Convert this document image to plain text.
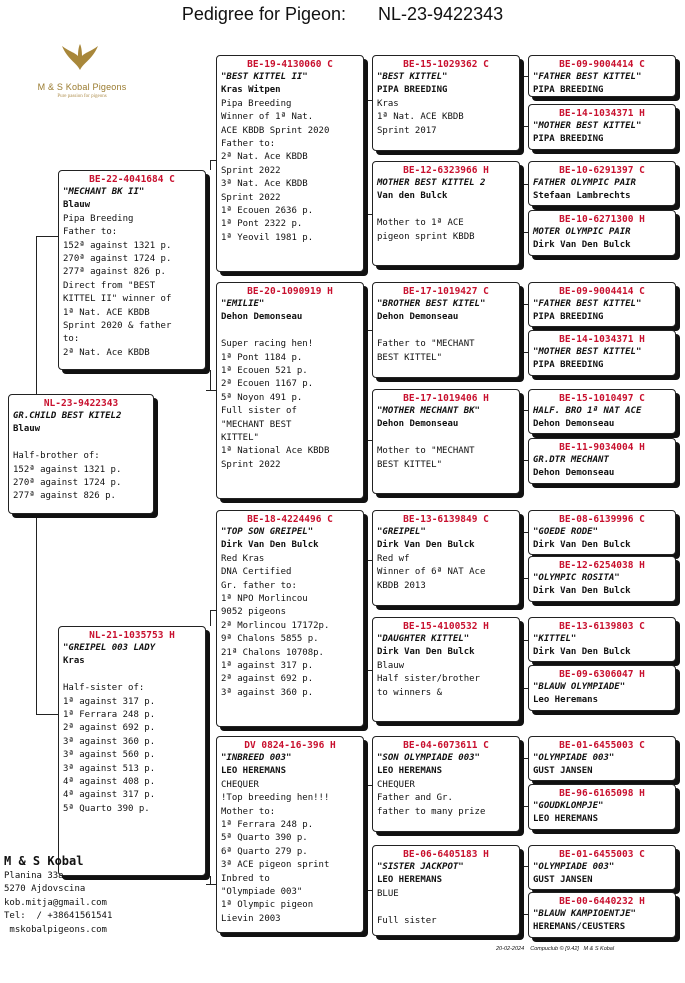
Pedigree for Pigeon: NL-23-9422343
M & S Kobal Pigeons
Pure passion for pigeons
NL-23-9422343
GR.CHILD BEST KITEL2
Blauw

Half-brother of:
152ª against 1321 p.
270ª against 1724 p.
277ª against 826 p.
BE-22-4041684 C
"MECHANT BK II"
Blauw
Pipa Breeding
Father to:
152ª against 1321 p.
270ª against 1724 p.
277ª against 826 p.
Direct from "BEST
KITTEL II" winner of
1ª Nat. ACE KBDB
Sprint 2020 & father
to:
2ª Nat. Ace KBDB
NL-21-1035753 H
"GREIPEL 003 LADY
Kras

Half-sister of:
1ª against 317 p.
1ª Ferrara 248 p.
2ª against 692 p.
3ª against 360 p.
3ª against 560 p.
3ª against 513 p.
4ª against 408 p.
4ª against 317 p.
5ª Quarto 390 p.
BE-19-4130060 C
"BEST KITTEL II"
Kras Witpen
Pipa Breeding
Winner of 1ª Nat.
ACE KBDB Sprint 2020
Father to:
2ª Nat. Ace KBDB
Sprint 2022
3ª Nat. Ace KBDB
Sprint 2022
1ª Ecouen 2636 p.
1ª Pont 2322 p.
1ª Yeovil 1981 p.
BE-20-1090919 H
"EMILIE"
Dehon Demonseau

Super racing hen!
1ª Pont 1184 p.
1ª Ecouen 521 p.
2ª Ecouen 1167 p.
5ª Noyon 491 p.
Full sister of
"MECHANT BEST
KITTEL"
1ª National Ace KBDB
Sprint 2022
BE-18-4224496 C
"TOP SON GREIPEL"
Dirk Van Den Bulck
Red Kras
DNA Certified
Gr. father to:
1ª NPO Morlincou
9052 pigeons
2ª Morlincou 17172p.
9ª Chalons 5855 p.
21ª Chalons 10708p.
1ª against 317 p.
2ª against 692 p.
3ª against 360 p.
DV 0824-16-396 H
"INBREED 003"
LEO HEREMANS
CHEQUER
!Top breeding hen!!!
Mother to:
1ª Ferrara 248 p.
5ª Quarto 390 p.
6ª Quarto 279 p.
3ª ACE pigeon sprint
Inbred to
"Olympiade 003"
1ª Olympic pigeon
Lievin 2003
BE-15-1029362 C
"BEST KITTEL"
PIPA BREEDING
Kras
1ª Nat. ACE KBDB
Sprint 2017
BE-12-6323966 H
MOTHER BEST KITTEL 2
Van den Bulck

Mother to 1ª ACE
pigeon sprint KBDB
BE-17-1019427 C
"BROTHER BEST KITEL"
Dehon Demonseau

Father to "MECHANT
BEST KITTEL"
BE-17-1019406 H
"MOTHER MECHANT BK"
Dehon Demonseau

Mother to "MECHANT
BEST KITTEL"
BE-13-6139849 C
"GREIPEL"
Dirk Van Den Bulck
Red wf
Winner of 6ª NAT Ace
KBDB 2013
BE-15-4100532 H
"DAUGHTER KITTEL"
Dirk Van Den Bulck
Blauw
Half sister/brother
to winners &
BE-04-6073611 C
"SON OLYMPIADE 003"
LEO HEREMANS
CHEQUER
Father and Gr.
father to many prize
BE-06-6405183 H
"SISTER JACKPOT"
LEO HEREMANS
BLUE

Full sister
BE-09-9004414 C
"FATHER BEST KITTEL"
PIPA BREEDING
BE-14-1034371 H
"MOTHER BEST KITTEL"
PIPA BREEDING
BE-10-6291397 C
FATHER OLYMPIC PAIR
Stefaan Lambrechts
BE-10-6271300 H
MOTER OLYMPIC PAIR
Dirk Van Den Bulck
BE-09-9004414 C
"FATHER BEST KITTEL"
PIPA BREEDING
BE-14-1034371 H
"MOTHER BEST KITTEL"
PIPA BREEDING
BE-15-1010497 C
HALF. BRO 1ª NAT ACE
Dehon Demonseau
BE-11-9034004 H
GR.DTR MECHANT
Dehon Demonseau
BE-08-6139996 C
"GOEDE RODE"
Dirk Van Den Bulck
BE-12-6254038 H
"OLYMPIC ROSITA"
Dirk Van Den Bulck
BE-13-6139803 C
"KITTEL"
Dirk Van Den Bulck
BE-09-6306047 H
"BLAUW OLYMPIADE"
Leo Heremans
BE-01-6455003 C
"OLYMPIADE 003"
GUST JANSEN
BE-96-6165098 H
"GOUDKLOMPJE"
LEO HEREMANS
BE-01-6455003 C
"OLYMPIADE 003"
GUST JANSEN
BE-00-6440232 H
"BLAUW KAMPIOENTJE"
HEREMANS/CEUSTERS
M & S Kobal
Planina 33a
5270 Ajdovscina
kob.mitja@gmail.com
Tel:  / +38641561541
mskobalpigeons.com
20-02-2024    Compuclub © [9.42]   M & S Kobal
